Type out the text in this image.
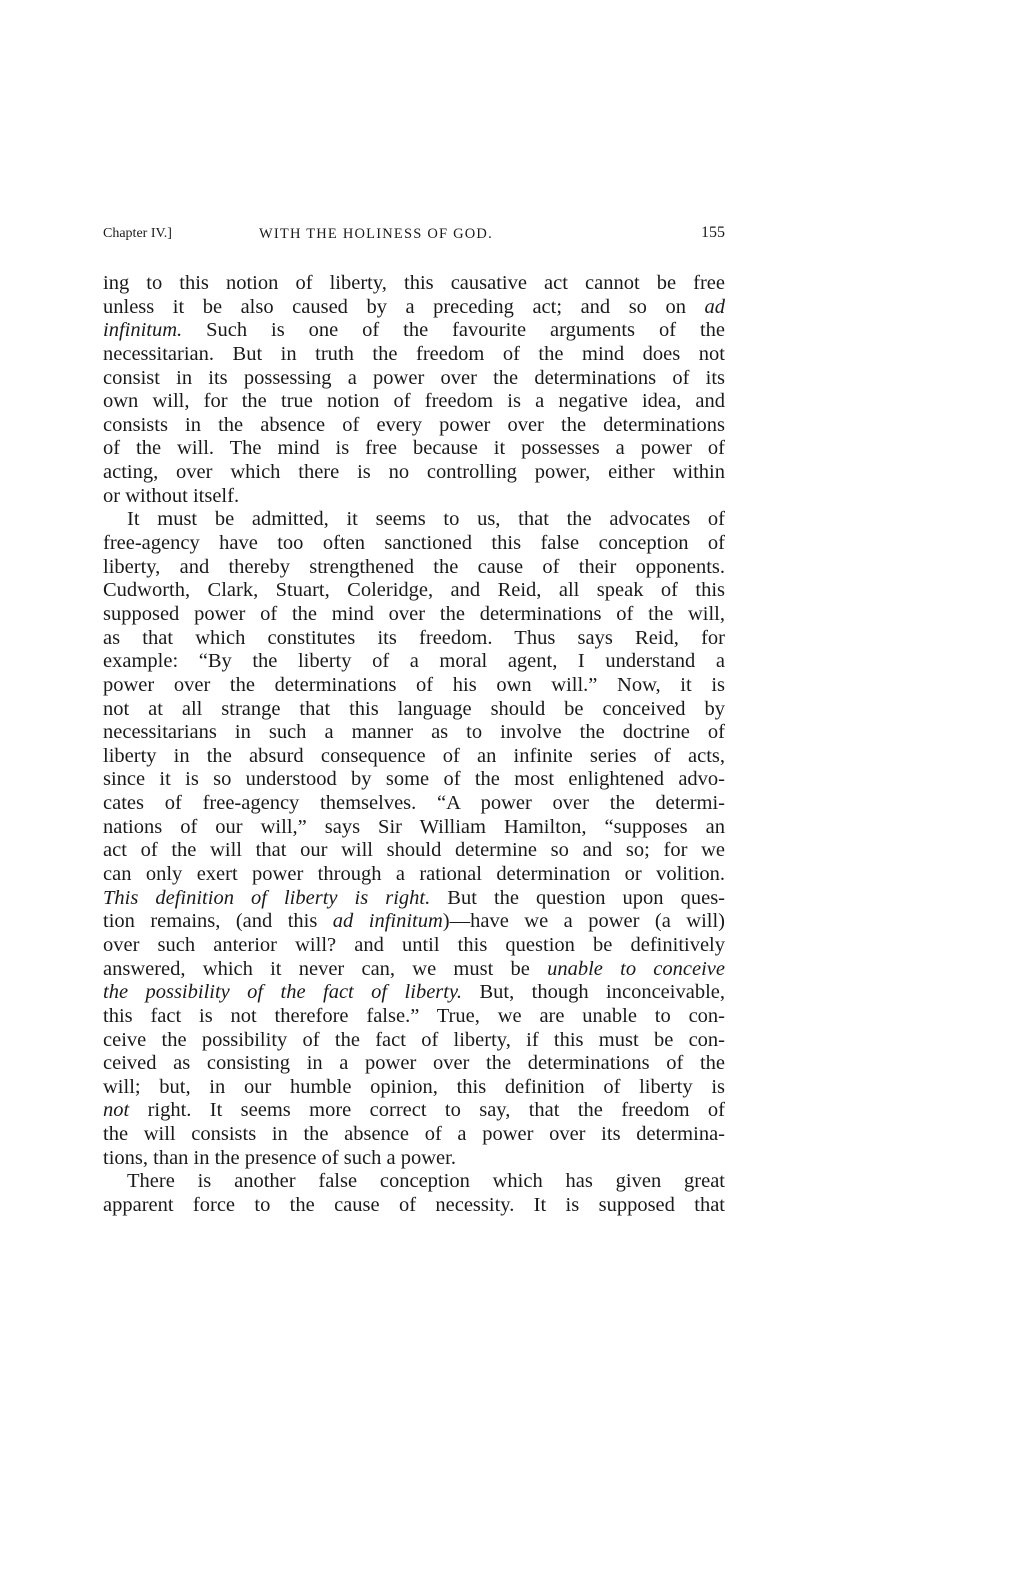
Chapter IV.]	WITH THE HOLINESS OF GOD.	155
ing to this notion of liberty, this causative act cannot be free
unless it be also caused by a preceding act; and so on ad
infinitum. Such is one of the favourite arguments of the
necessitarian. But in truth the freedom of the mind does not
consist in its possessing a power over the determinations of its
own will, for the true notion of freedom is a negative idea, and
consists in the absence of every power over the determinations
of the will. The mind is free because it possesses a power of
acting, over which there is no controlling power, either within
or without itself.
It must be admitted, it seems to us, that the advocates of
free-agency have too often sanctioned this false conception of
liberty, and thereby strengthened the cause of their opponents.
Cudworth, Clark, Stuart, Coleridge, and Reid, all speak of this
supposed power of the mind over the determinations of the will,
as that which constitutes its freedom. Thus says Reid, for
example: “By the liberty of a moral agent, I understand a
power over the determinations of his own will.” Now, it is
not at all strange that this language should be conceived by
necessitarians in such a manner as to involve the doctrine of
liberty in the absurd consequence of an infinite series of acts,
since it is so understood by some of the most enlightened advo-
cates of free-agency themselves. “A power over the determi-
nations of our will,” says Sir William Hamilton, “supposes an
act of the will that our will should determine so and so; for we
can only exert power through a rational determination or volition.
This definition of liberty is right. But the question upon ques-
tion remains, (and this ad infinitum)—have we a power (a will)
over such anterior will? and until this question be definitively
answered, which it never can, we must be unable to conceive
the possibility of the fact of liberty. But, though inconceivable,
this fact is not therefore false.” True, we are unable to con-
ceive the possibility of the fact of liberty, if this must be con-
ceived as consisting in a power over the determinations of the
will; but, in our humble opinion, this definition of liberty is
not right. It seems more correct to say, that the freedom of
the will consists in the absence of a power over its determina-
tions, than in the presence of such a power.
There is another false conception which has given great
apparent force to the cause of necessity. It is supposed that
